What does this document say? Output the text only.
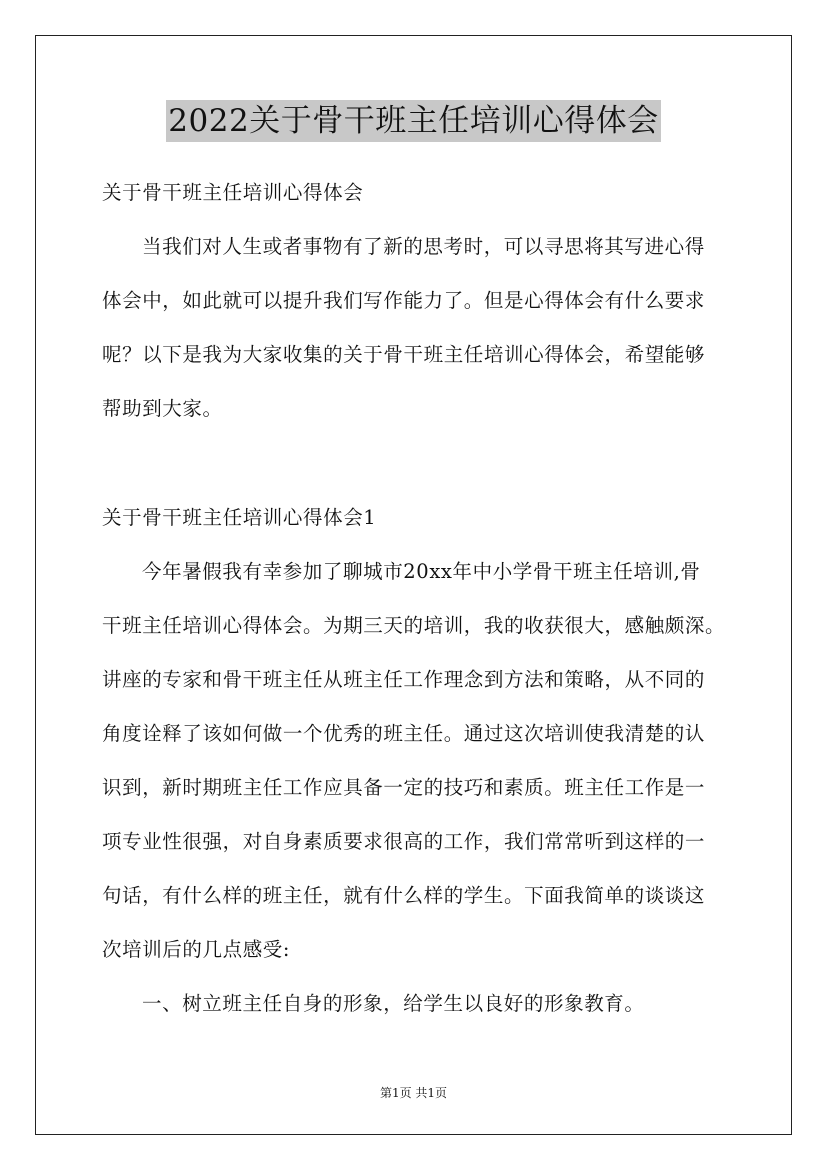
2022关于骨干班主任培训心得体会
关于骨干班主任培训心得体会
当我们对人生或者事物有了新的思考时，可以寻思将其写进心得
体会中，如此就可以提升我们写作能力了。但是心得体会有什么要求
呢？以下是我为大家收集的关于骨干班主任培训心得体会，希望能够
帮助到大家。
关于骨干班主任培训心得体会1
今年暑假我有幸参加了聊城市20xx年中小学骨干班主任培训,骨
干班主任培训心得体会。为期三天的培训，我的收获很大，感触颇深。
讲座的专家和骨干班主任从班主任工作理念到方法和策略，从不同的
角度诠释了该如何做一个优秀的班主任。通过这次培训使我清楚的认
识到，新时期班主任工作应具备一定的技巧和素质。班主任工作是一
项专业性很强，对自身素质要求很高的工作，我们常常听到这样的一
句话，有什么样的班主任，就有什么样的学生。下面我简单的谈谈这
次培训后的几点感受:
一、树立班主任自身的形象，给学生以良好的形象教育。
第1页 共1页
